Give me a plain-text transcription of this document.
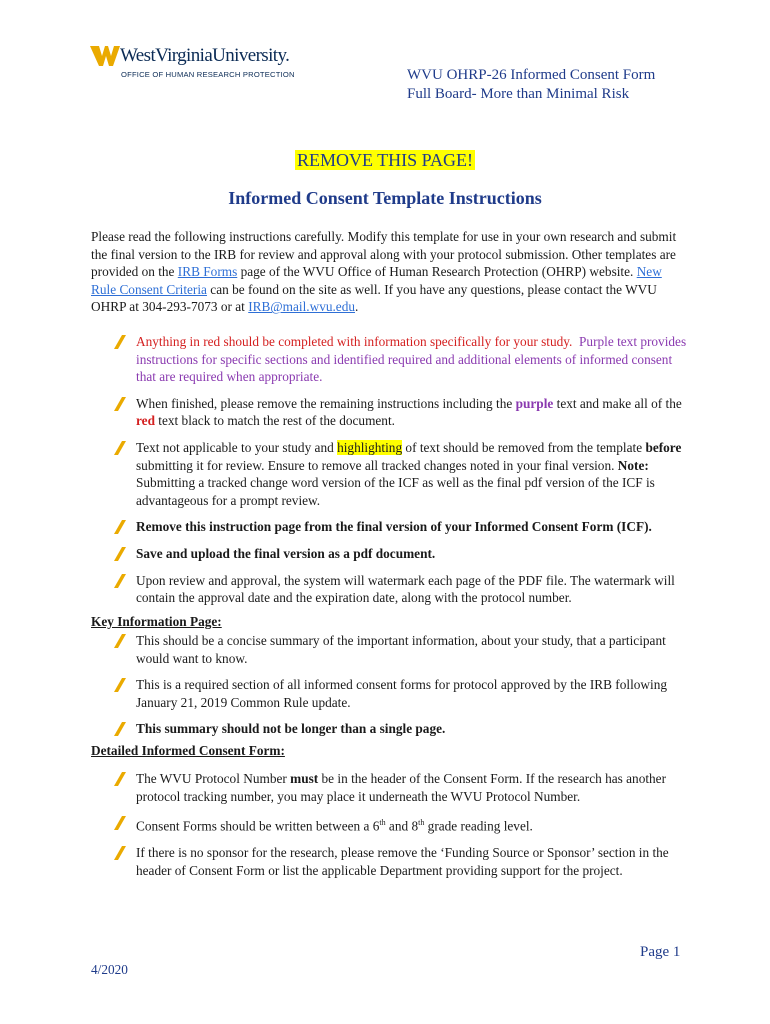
WestVirginiaUniversity.
OFFICE OF HUMAN RESEARCH PROTECTION	WVU OHRP-26 Informed Consent Form
Full Board- More than Minimal Risk
REMOVE THIS PAGE!
Informed Consent Template Instructions
Please read the following instructions carefully. Modify this template for use in your own research and submit the final version to the IRB for review and approval along with your protocol submission. Other templates are provided on the IRB Forms page of the WVU Office of Human Research Protection (OHRP) website. New Rule Consent Criteria can be found on the site as well. If you have any questions, please contact the WVU OHRP at 304-293-7073 or at IRB@mail.wvu.edu.
Anything in red should be completed with information specifically for your study. Purple text provides instructions for specific sections and identified required and additional elements of informed consent that are required when appropriate.
When finished, please remove the remaining instructions including the purple text and make all of the red text black to match the rest of the document.
Text not applicable to your study and highlighting of text should be removed from the template before submitting it for review. Ensure to remove all tracked changes noted in your final version. Note: Submitting a tracked change word version of the ICF as well as the final pdf version of the ICF is advantageous for a prompt review.
Remove this instruction page from the final version of your Informed Consent Form (ICF).
Save and upload the final version as a pdf document.
Upon review and approval, the system will watermark each page of the PDF file. The watermark will contain the approval date and the expiration date, along with the protocol number.
Key Information Page:
This should be a concise summary of the important information, about your study, that a participant would want to know.
This is a required section of all informed consent forms for protocol approved by the IRB following January 21, 2019 Common Rule update.
This summary should not be longer than a single page.
Detailed Informed Consent Form:
The WVU Protocol Number must be in the header of the Consent Form. If the research has another protocol tracking number, you may place it underneath the WVU Protocol Number.
Consent Forms should be written between a 6th and 8th grade reading level.
If there is no sponsor for the research, please remove the ‘Funding Source or Sponsor’ section in the header of Consent Form or list the applicable Department providing support for the project.
Page 1
4/2020
